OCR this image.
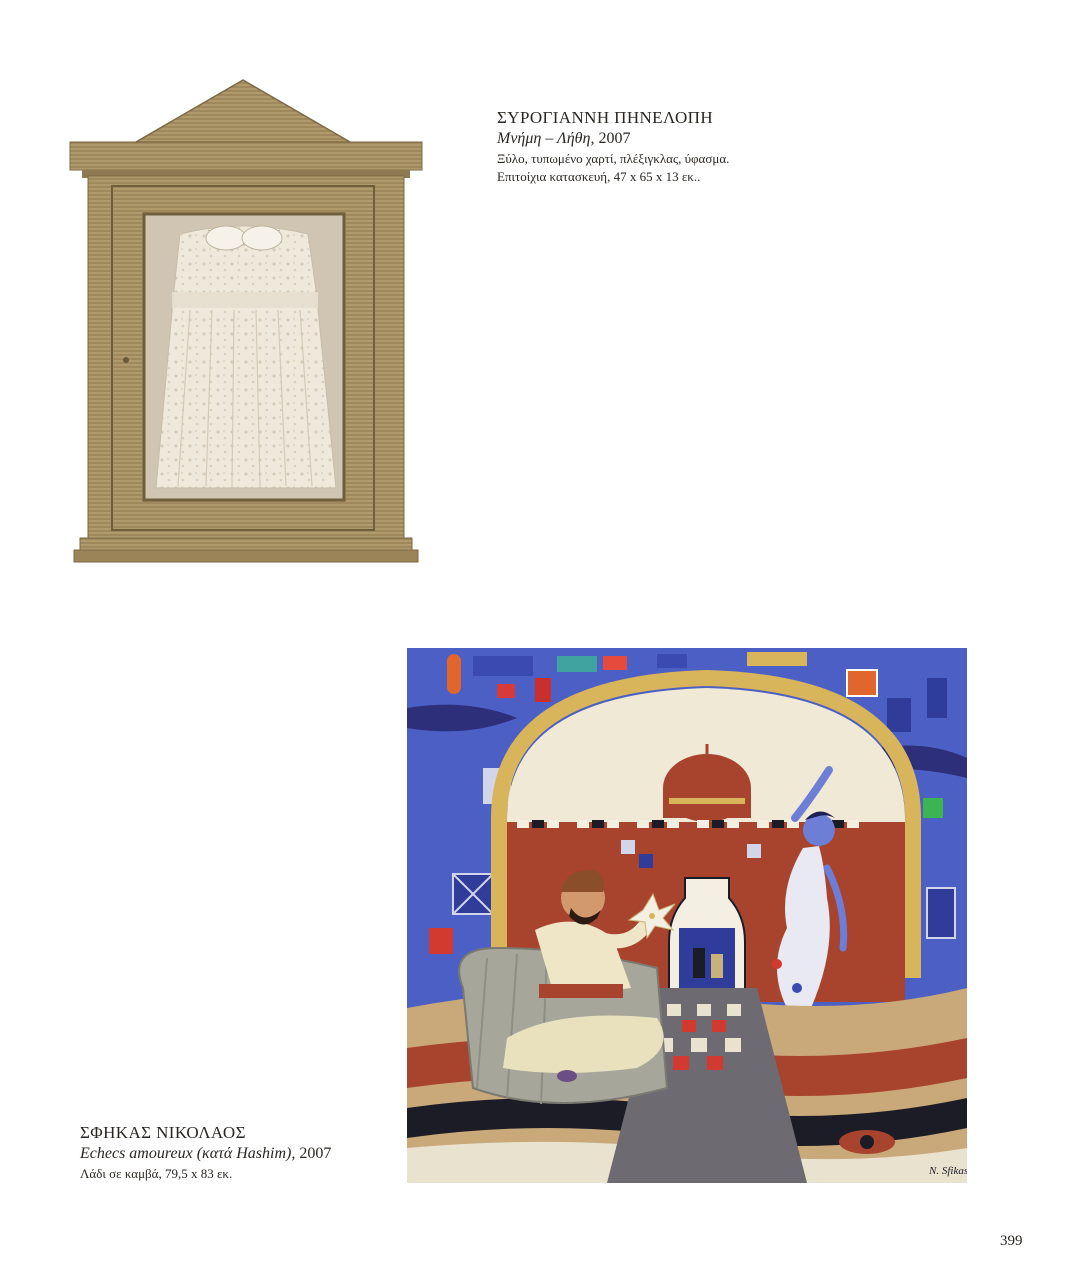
ΣΥΡΟΓΙΑΝΝΗ ΠΗΝΕΛΟΠΗ

Μνήμη – Λήθη, 2007

Ξύλο, τυπωμένο χαρτί, πλέξιγκλας, ύφασμα.

Επιτοίχια κατασκευή, 47 x 65 x 13 εκ..

N. Sfikas

ΣΦΗΚΑΣ ΝΙΚΟΛΑΟΣ

Echecs amoureux (κατά Hashim), 2007

Λάδι σε καμβά, 79,5 x 83 εκ.

399
